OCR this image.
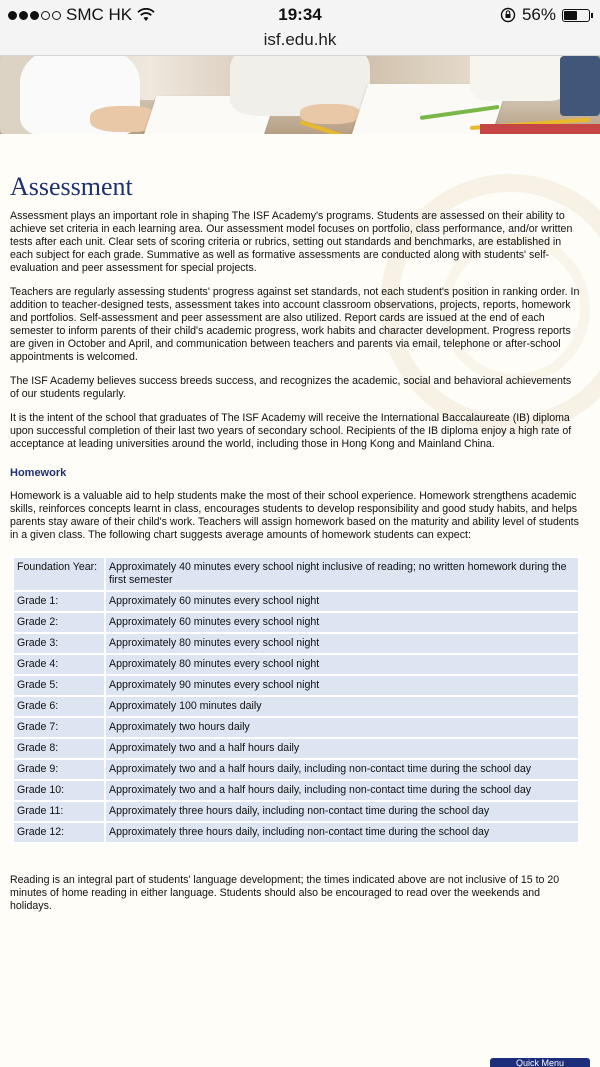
SMC HK	19:34	56%
isf.edu.hk
Assessment

Assessment plays an important role in shaping The ISF Academy's programs. Students are assessed on their ability to achieve set criteria in each learning area. Our assessment model focuses on portfolio, class performance, and/or written tests after each unit. Clear sets of scoring criteria or rubrics, setting out standards and benchmarks, are established in each subject for each grade. Summative as well as formative assessments are conducted along with students' self-evaluation and peer assessment for special projects.

Teachers are regularly assessing students' progress against set standards, not each student's position in ranking order. In addition to teacher-designed tests, assessment takes into account classroom observations, projects, reports, homework and portfolios. Self-assessment and peer assessment are also utilized. Report cards are issued at the end of each semester to inform parents of their child's academic progress, work habits and character development. Progress reports are given in October and April, and communication between teachers and parents via email, telephone or after-school appointments is welcomed.

The ISF Academy believes success breeds success, and recognizes the academic, social and behavioral achievements of our students regularly.

It is the intent of the school that graduates of The ISF Academy will receive the International Baccalaureate (IB) diploma upon successful completion of their last two years of secondary school. Recipients of the IB diploma enjoy a high rate of acceptance at leading universities around the world, including those in Hong Kong and Mainland China.

Homework

Homework is a valuable aid to help students make the most of their school experience. Homework strengthens academic skills, reinforces concepts learnt in class, encourages students to develop responsibility and good study habits, and helps parents stay aware of their child's work. Teachers will assign homework based on the maturity and ability level of students in a given class. The following chart suggests average amounts of homework students can expect:

Foundation Year:	Approximately 40 minutes every school night inclusive of reading; no written homework during the first semester
Grade 1:	Approximately 60 minutes every school night
Grade 2:	Approximately 60 minutes every school night
Grade 3:	Approximately 80 minutes every school night
Grade 4:	Approximately 80 minutes every school night
Grade 5:	Approximately 90 minutes every school night
Grade 6:	Approximately 100 minutes daily
Grade 7:	Approximately two hours daily
Grade 8:	Approximately two and a half hours daily
Grade 9:	Approximately two and a half hours daily, including non-contact time during the school day
Grade 10:	Approximately two and a half hours daily, including non-contact time during the school day
Grade 11:	Approximately three hours daily, including non-contact time during the school day
Grade 12:	Approximately three hours daily, including non-contact time during the school day

Reading is an integral part of students' language development; the times indicated above are not inclusive of 15 to 20 minutes of home reading in either language. Students should also be encouraged to read over the weekends and holidays.

Quick Menu
